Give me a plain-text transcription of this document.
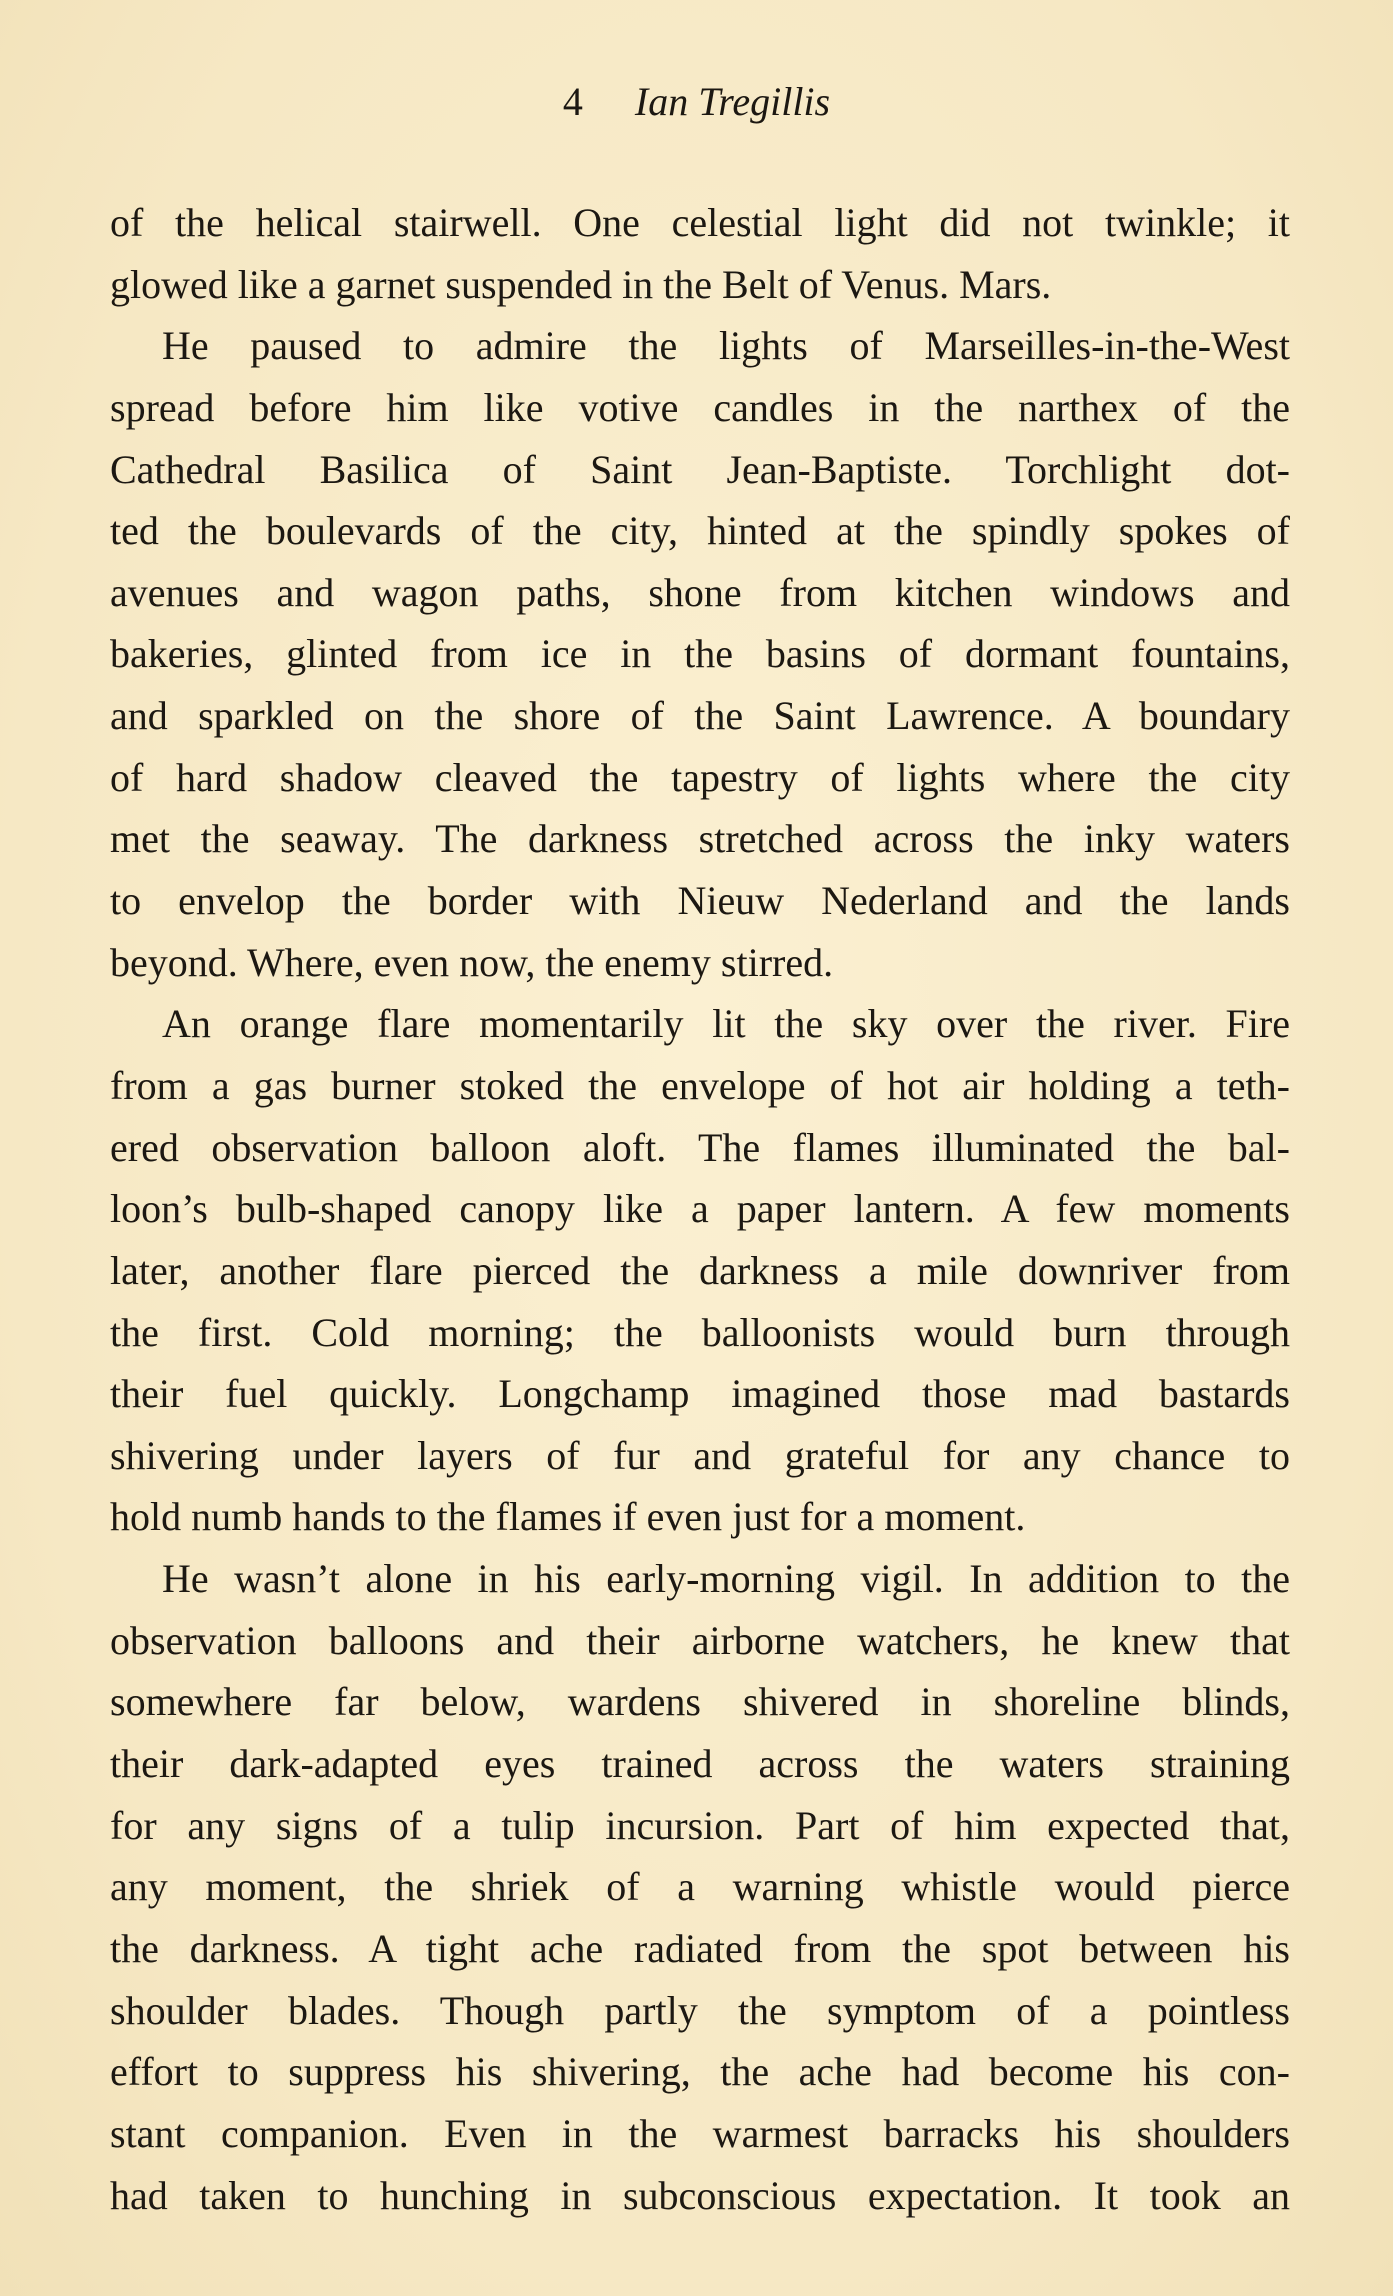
4 Ian Tregillis
of the helical stairwell. One celestial light did not twinkle; it
glowed like a garnet suspended in the Belt of Venus. Mars.
He paused to admire the lights of Marseilles-in-the-West
spread before him like votive candles in the narthex of the
Cathedral Basilica of Saint Jean-Baptiste. Torchlight dot-
ted the boulevards of the city, hinted at the spindly spokes of
avenues and wagon paths, shone from kitchen windows and
bakeries, glinted from ice in the basins of dormant fountains,
and sparkled on the shore of the Saint Lawrence. A boundary
of hard shadow cleaved the tapestry of lights where the city
met the seaway. The darkness stretched across the inky waters
to envelop the border with Nieuw Nederland and the lands
beyond. Where, even now, the enemy stirred.
An orange flare momentarily lit the sky over the river. Fire
from a gas burner stoked the envelope of hot air holding a teth-
ered observation balloon aloft. The flames illuminated the bal-
loon’s bulb-shaped canopy like a paper lantern. A few moments
later, another flare pierced the darkness a mile downriver from
the first. Cold morning; the balloonists would burn through
their fuel quickly. Longchamp imagined those mad bastards
shivering under layers of fur and grateful for any chance to
hold numb hands to the flames if even just for a moment.
He wasn’t alone in his early-morning vigil. In addition to the
observation balloons and their airborne watchers, he knew that
somewhere far below, wardens shivered in shoreline blinds,
their dark-adapted eyes trained across the waters straining
for any signs of a tulip incursion. Part of him expected that,
any moment, the shriek of a warning whistle would pierce
the darkness. A tight ache radiated from the spot between his
shoulder blades. Though partly the symptom of a pointless
effort to suppress his shivering, the ache had become his con-
stant companion. Even in the warmest barracks his shoulders
had taken to hunching in subconscious expectation. It took an
